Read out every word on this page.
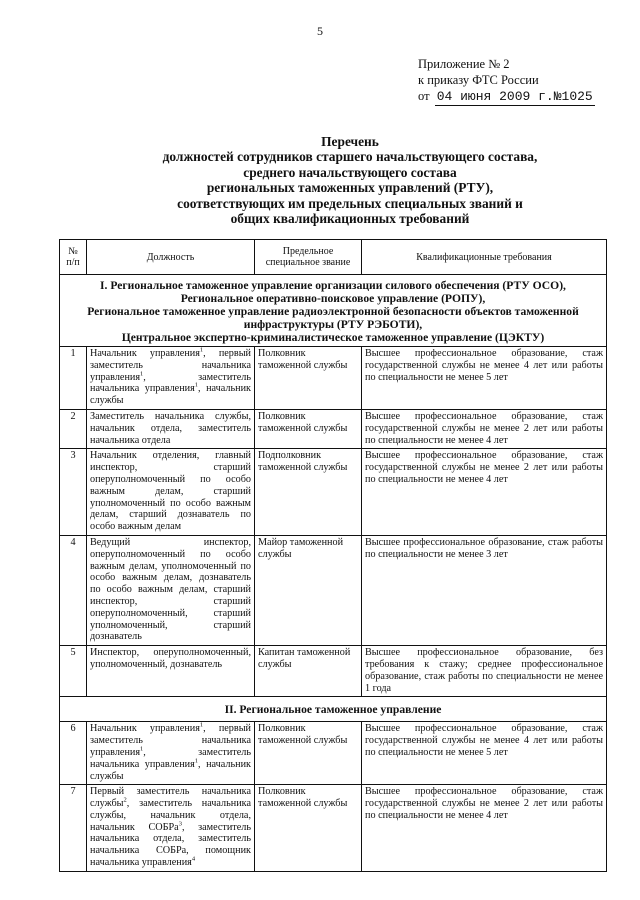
5
Приложение № 2
к приказу ФТС России
от 04 июня 2009 г.№1025
Перечень
должностей сотрудников старшего начальствующего состава,
среднего начальствующего состава
региональных таможенных управлений (РТУ),
соответствующих им предельных специальных званий и
общих квалификационных требований
№ п/п	Должность	Предельное специальное звание	Квалификационные требования

I. Региональное таможенное управление организации силового обеспечения (РТУ ОСО),
Региональное оперативно-поисковое управление (РОПУ),
Региональное таможенное управление радиоэлектронной безопасности объектов таможенной инфраструктуры (РТУ РЭБОТИ),
Центральное экспертно-криминалистическое таможенное управление (ЦЭКТУ)			

1	Начальник управления$^1$, первый заместитель начальника управления$^1$, заместитель начальника управления$^1$, начальник службы	Полковник таможенной службы	Высшее профессиональное образование, стаж государственной службы не менее 4 лет или работы по специальности не менее 5 лет
2	Заместитель начальника службы, начальник отдела, заместитель начальника отдела	Полковник таможенной службы	Высшее профессиональное образование, стаж государственной службы не менее 2 лет или работы по специальности не менее 4 лет
3	Начальник отделения, главный инспектор, старший оперуполномоченный по особо важным делам, старший уполномоченный по особо важным делам, старший дознаватель по особо важным делам	Подполковник таможенной службы	Высшее профессиональное образование, стаж государственной службы не менее 2 лет или работы по специальности не менее 4 лет
4	Ведущий инспектор, оперуполномоченный по особо важным делам, уполномоченный по особо важным делам, дознаватель по особо важным делам, старший инспектор, старший оперуполномоченный, старший уполномоченный, старший дознаватель	Майор таможенной службы	Высшее профессиональное образование, стаж работы по специальности не менее 3 лет
5	Инспектор, оперуполномоченный, уполномоченный, дознаватель	Капитан таможенной службы	Высшее профессиональное образование, без требования к стажу; среднее профессиональное образование, стаж работы по специальности не менее 1 года
II. Региональное таможенное управление			
6	Начальник управления$^1$, первый заместитель начальника управления$^1$, заместитель начальника управления$^1$, начальник службы	Полковник таможенной службы	Высшее профессиональное образование, стаж государственной службы не менее 4 лет или работы по специальности не менее 5 лет
7	Первый заместитель начальника службы$^2$, заместитель начальника службы, начальник отдела, начальник СОБРа$^3$, заместитель начальника отдела, заместитель начальника СОБРа, помощник начальника управления$^4$	Полковник таможенной службы	Высшее профессиональное образование, стаж государственной службы не менее 2 лет или работы по специальности не менее 4 лет
